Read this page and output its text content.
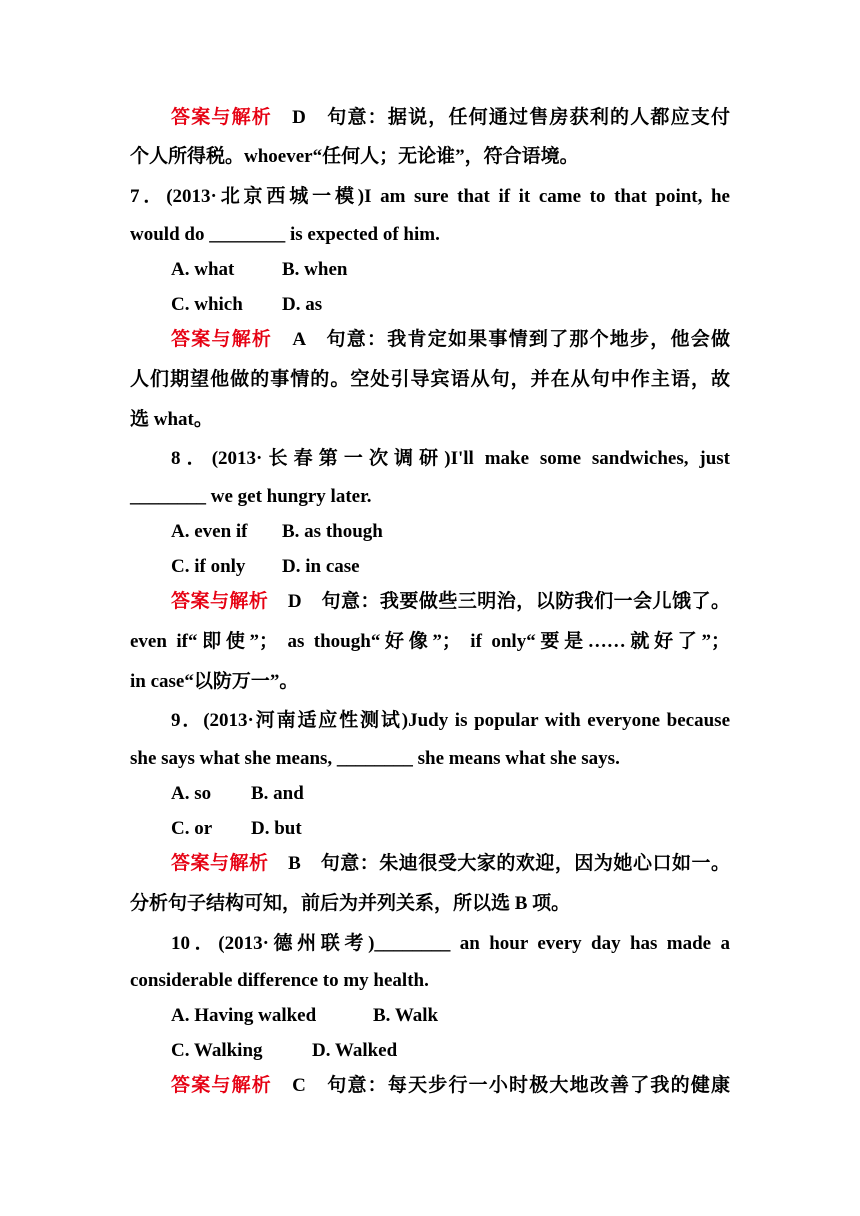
答案与解析　D　句意：据说，任何通过售房获利的人都应支付
个人所得税。whoever“任何人；无论谁”，符合语境。
7．(2013·北京西城一模)I am sure that if it came to that point, he
would do ________ is expected of him.
A. what	B. when
C. which D. as
答案与解析　A　句意：我肯定如果事情到了那个地步，他会做
人们期望他做的事情的。空处引导宾语从句，并在从句中作主语，故
选 what。
8．(2013·长春第一次调研)I'll make some sandwiches, just
________ we get hungry later.
A. even if B. as though
C. if only D. in case
答案与解析　D　句意：我要做些三明治，以防我们一会儿饿了。
even if“即使”； as though“好像”； if only“要是……就好了”；
in case“以防万一”。
9．(2013·河南适应性测试)Judy is popular with everyone because
she says what she means, ________ she means what she says.
A. so B. and
C. or D. but
答案与解析　B　句意：朱迪很受大家的欢迎，因为她心口如一。
分析句子结构可知，前后为并列关系，所以选 B 项。
10．(2013·德州联考)________ an hour every day has made a
considerable difference to my health.
A. Having walked	B. Walk
C. Walking	D. Walked
答案与解析　C　句意：每天步行一小时极大地改善了我的健康
